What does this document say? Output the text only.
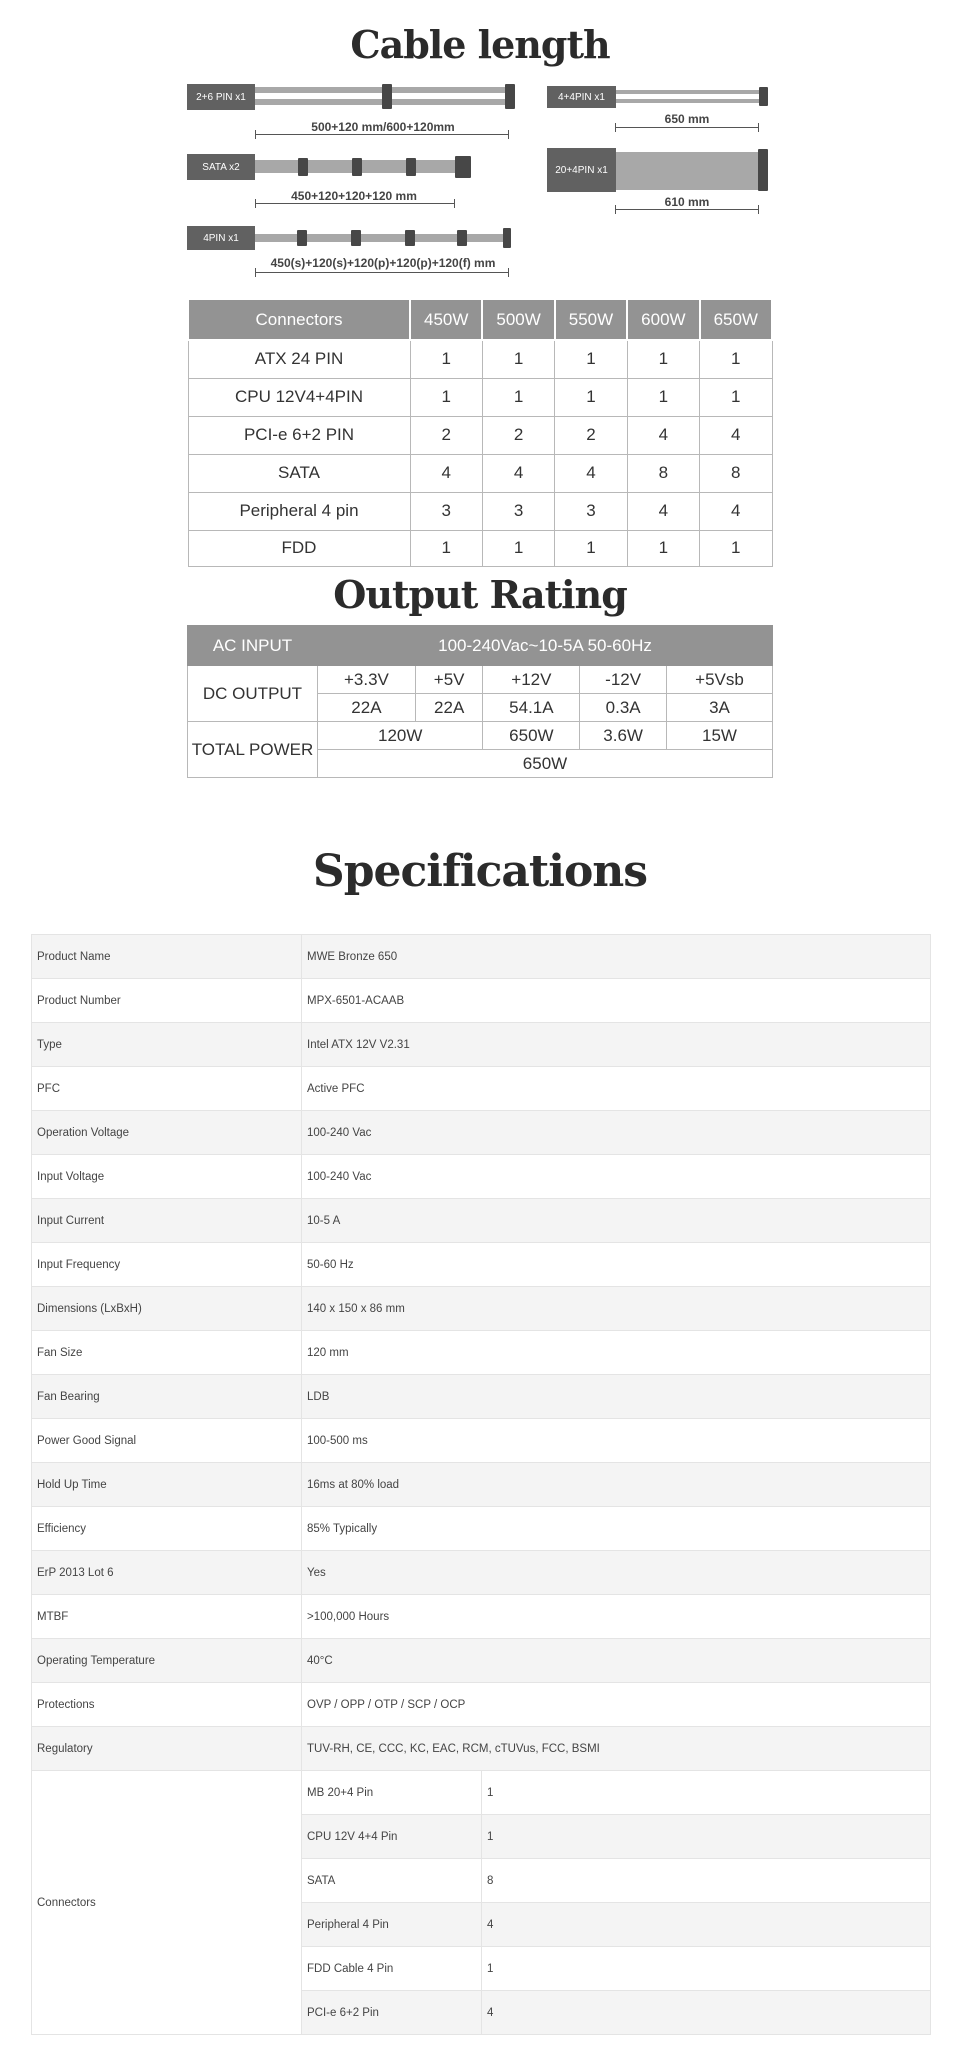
Cable length
2+6 PIN x1
500+120 mm/600+120mm
SATA x2
450+120+120+120 mm
4PIN x1
450(s)+120(s)+120(p)+120(p)+120(f) mm
4+4PIN x1
650 mm
20+4PIN x1
610 mm
Connectors	450W	500W	550W	600W	650W
ATX 24 PIN	1	1	1	1	1
CPU 12V4+4PIN	1	1	1	1	1
PCI-e 6+2 PIN	2	2	2	4	4
SATA	4	4	4	8	8
Peripheral 4 pin	3	3	3	4	4
FDD	1	1	1	1	1
Output Rating
AC INPUT	100-240Vac~10-5A 50-60Hz				
DC OUTPUT	+3.3V	+5V	+12V	-12V	+5Vsb
	22A	22A	54.1A	0.3A	3A
TOTAL POWER	120W		650W	3.6W	15W
	650W				
Specifications
Product Name	MWE Bronze 650	
Product Number	MPX-6501-ACAAB	
Type	Intel ATX 12V V2.31	
PFC	Active PFC	
Operation Voltage	100-240 Vac	
Input Voltage	100-240 Vac	
Input Current	10-5 A	
Input Frequency	50-60 Hz	
Dimensions (LxBxH)	140 x 150 x 86 mm	
Fan Size	120 mm	
Fan Bearing	LDB	
Power Good Signal	100-500 ms	
Hold Up Time	16ms at 80% load	
Efficiency	85% Typically	
ErP 2013 Lot 6	Yes	
MTBF	>100,000 Hours	
Operating Temperature	40°C	
Protections	OVP / OPP / OTP / SCP / OCP	
Regulatory	TUV-RH, CE, CCC, KC, EAC, RCM, cTUVus, FCC, BSMI	
Connectors	MB 20+4 Pin	1
	CPU 12V 4+4 Pin	1
	SATA	8
	Peripheral 4 Pin	4
	FDD Cable 4 Pin	1
	PCI-e 6+2 Pin	4
